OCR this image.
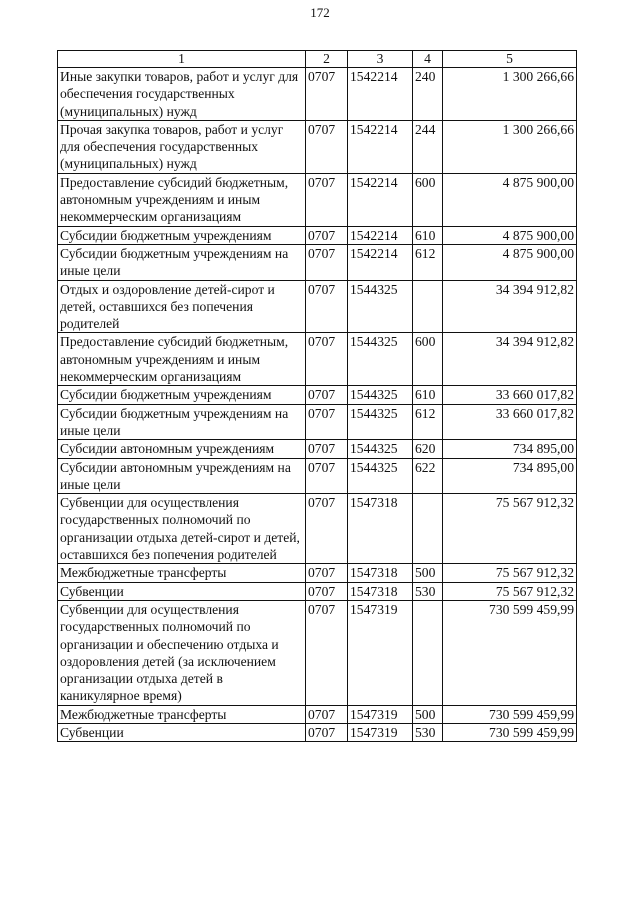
172
1	2	3	4	5
Иные закупки товаров, работ и услуг для обеспечения государственных (муниципальных) нужд	0707	1542214	240	1 300 266,66
Прочая закупка товаров, работ и услуг для обеспечения государственных (муниципальных) нужд	0707	1542214	244	1 300 266,66
Предоставление субсидий бюджетным, автономным учреждениям и иным некоммерческим организациям	0707	1542214	600	4 875 900,00
Субсидии бюджетным учреждениям	0707	1542214	610	4 875 900,00
Субсидии бюджетным учреждениям на иные цели	0707	1542214	612	4 875 900,00
Отдых и оздоровление детей-сирот и детей, оставшихся без попечения родителей	0707	1544325		34 394 912,82
Предоставление субсидий бюджетным, автономным учреждениям и иным некоммерческим организациям	0707	1544325	600	34 394 912,82
Субсидии бюджетным учреждениям	0707	1544325	610	33 660 017,82
Субсидии бюджетным учреждениям на иные цели	0707	1544325	612	33 660 017,82
Субсидии автономным учреждениям	0707	1544325	620	734 895,00
Субсидии автономным учреждениям на иные цели	0707	1544325	622	734 895,00
Субвенции для осуществления государственных полномочий по организации отдыха детей-сирот и детей, оставшихся без попечения родителей	0707	1547318		75 567 912,32
Межбюджетные трансферты	0707	1547318	500	75 567 912,32
Субвенции	0707	1547318	530	75 567 912,32
Субвенции для осуществления государственных полномочий по организации и обеспечению отдыха и оздоровления детей (за исключением организации отдыха детей в каникулярное время)	0707	1547319		730 599 459,99
Межбюджетные трансферты	0707	1547319	500	730 599 459,99
Субвенции	0707	1547319	530	730 599 459,99
